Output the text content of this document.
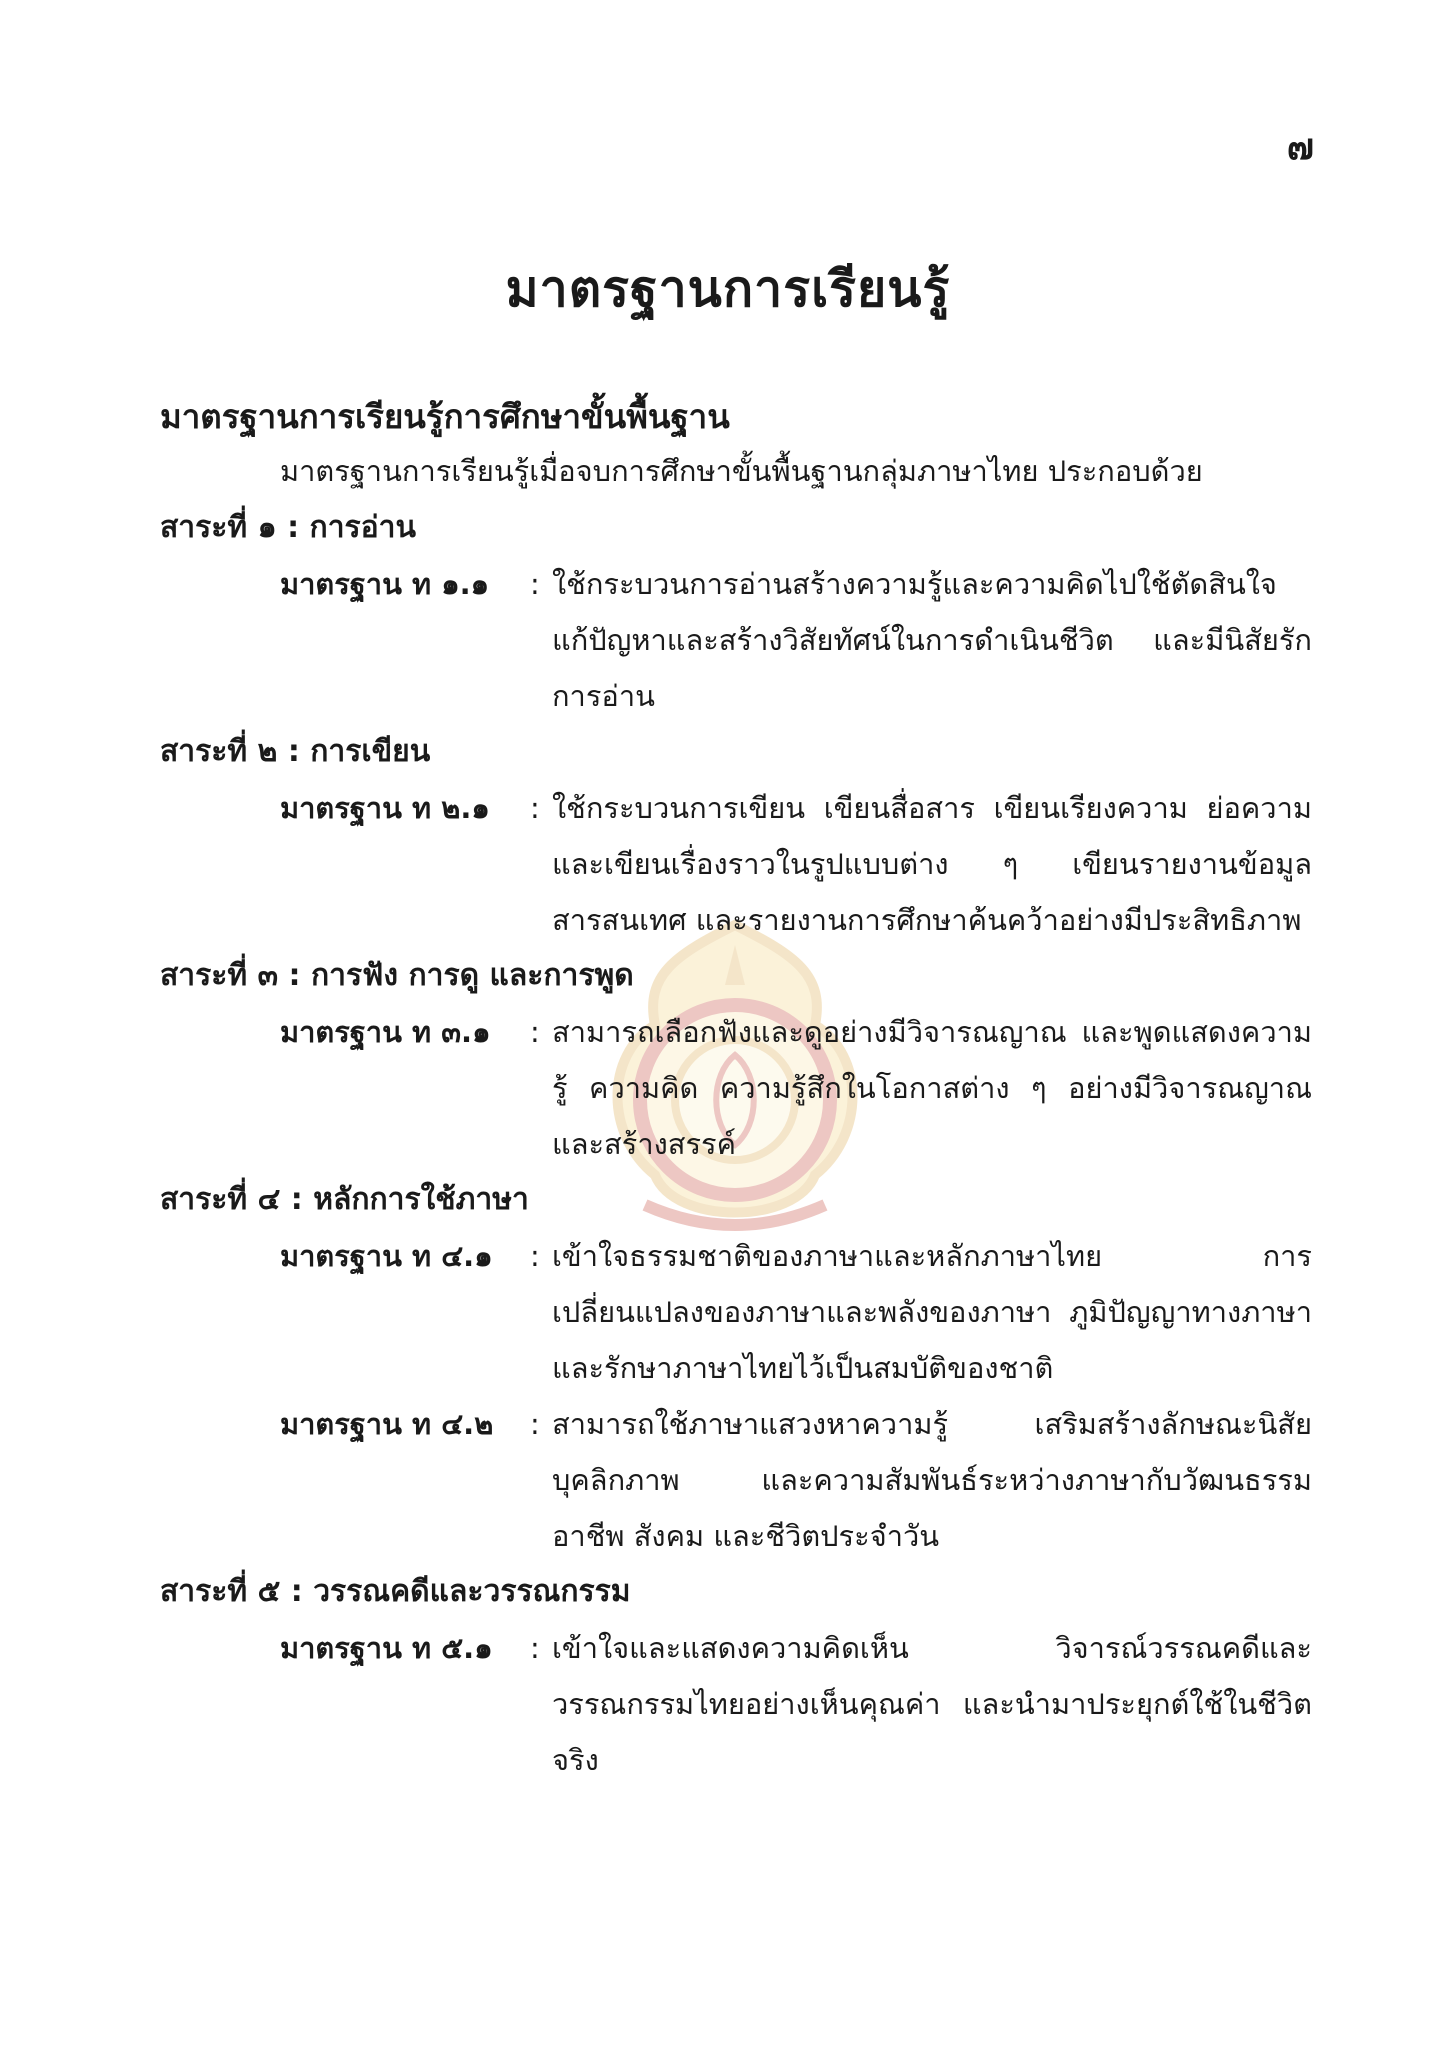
๗
มาตรฐานการเรียนรู้
มาตรฐานการเรียนรู้การศึกษาขั้นพื้นฐาน
มาตรฐานการเรียนรู้เมื่อจบการศึกษาขั้นพื้นฐานกลุ่มภาษาไทย ประกอบด้วย
สาระที่ ๑ : การอ่าน
มาตรฐาน ท ๑.๑	: ใช้กระบวนการอ่านสร้างความรู้และความคิดไปใช้ตัดสินใจ แก้ปัญหาและสร้างวิสัยทัศน์ในการดำเนินชีวิต และมีนิสัยรักการอ่าน
สาระที่ ๒ : การเขียน
มาตรฐาน ท ๒.๑	: ใช้กระบวนการเขียน เขียนสื่อสาร เขียนเรียงความ ย่อความ และเขียนเรื่องราวในรูปแบบต่าง ๆ เขียนรายงานข้อมูลสารสนเทศ และรายงานการศึกษาค้นคว้าอย่างมีประสิทธิภาพ
สาระที่ ๓ : การฟัง การดู และการพูด
มาตรฐาน ท ๓.๑	: สามารถเลือกฟังและดูอย่างมีวิจารณญาณ และพูดแสดงความรู้ ความคิด ความรู้สึกในโอกาสต่าง ๆ อย่างมีวิจารณญาณและสร้างสรรค์
สาระที่ ๔ : หลักการใช้ภาษา
มาตรฐาน ท ๔.๑	: เข้าใจธรรมชาติของภาษาและหลักภาษาไทย การเปลี่ยนแปลงของภาษาและพลังของภาษา ภูมิปัญญาทางภาษา และรักษาภาษาไทยไว้เป็นสมบัติของชาติ
มาตรฐาน ท ๔.๒	: สามารถใช้ภาษาแสวงหาความรู้ เสริมสร้างลักษณะนิสัย บุคลิกภาพ และความสัมพันธ์ระหว่างภาษากับวัฒนธรรม อาชีพ สังคม และชีวิตประจำวัน
สาระที่ ๕ : วรรณคดีและวรรณกรรม
มาตรฐาน ท ๕.๑	: เข้าใจและแสดงความคิดเห็น วิจารณ์วรรณคดีและวรรณกรรมไทยอย่างเห็นคุณค่า และนำมาประยุกต์ใช้ในชีวิตจริง
